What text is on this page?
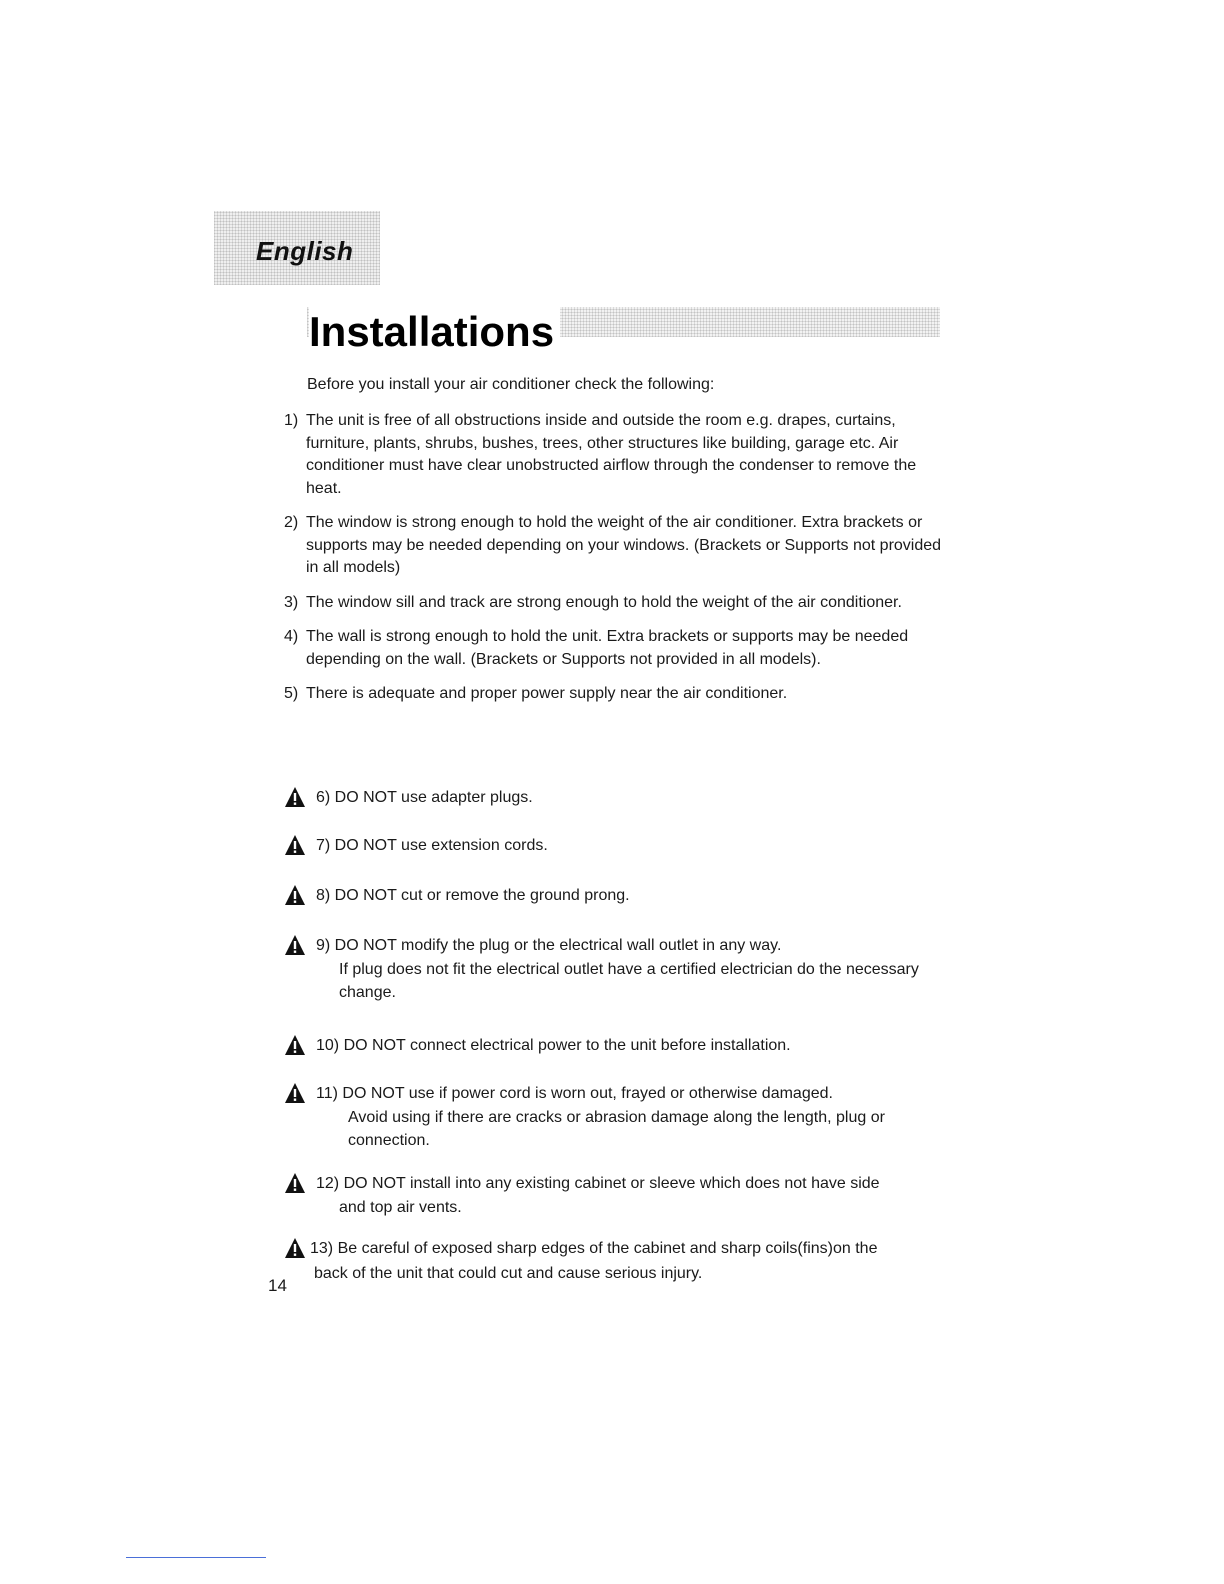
English
Installations

Before you install your air conditioner check the following:

1) The unit is free of all obstructions inside and outside the room e.g. drapes, curtains, furniture, plants, shrubs, bushes, trees, other structures like building, garage etc. Air conditioner must have clear unobstructed airflow through the condenser to remove the heat.
2) The window is strong enough to hold the weight of the air conditioner. Extra brackets or supports may be needed depending on your windows. (Brackets or Supports not provided in all models)
3) The window sill and track are strong enough to hold the weight of the air conditioner.
4) The wall is strong enough to hold the unit. Extra brackets or supports may be needed depending on the wall. (Brackets or Supports not provided in all models).
5) There is adequate and proper power supply near the air conditioner.
6) DO NOT use adapter plugs.
7) DO NOT use extension cords.
8) DO NOT cut or remove the ground prong.
9) DO NOT modify the plug or the electrical wall outlet in any way.
If plug does not fit the electrical outlet have a certified electrician do the necessary change.
10) DO NOT connect electrical power to the unit before installation.
11) DO NOT use if power cord is worn out, frayed or otherwise damaged.
Avoid using if there are cracks or abrasion damage along the length, plug or connection.
12) DO NOT install into any existing cabinet or sleeve which does not have side
and top air vents.
13) Be careful of exposed sharp edges of the cabinet and sharp coils(fins)on the
back of the unit that could cut and cause serious injury.
14
